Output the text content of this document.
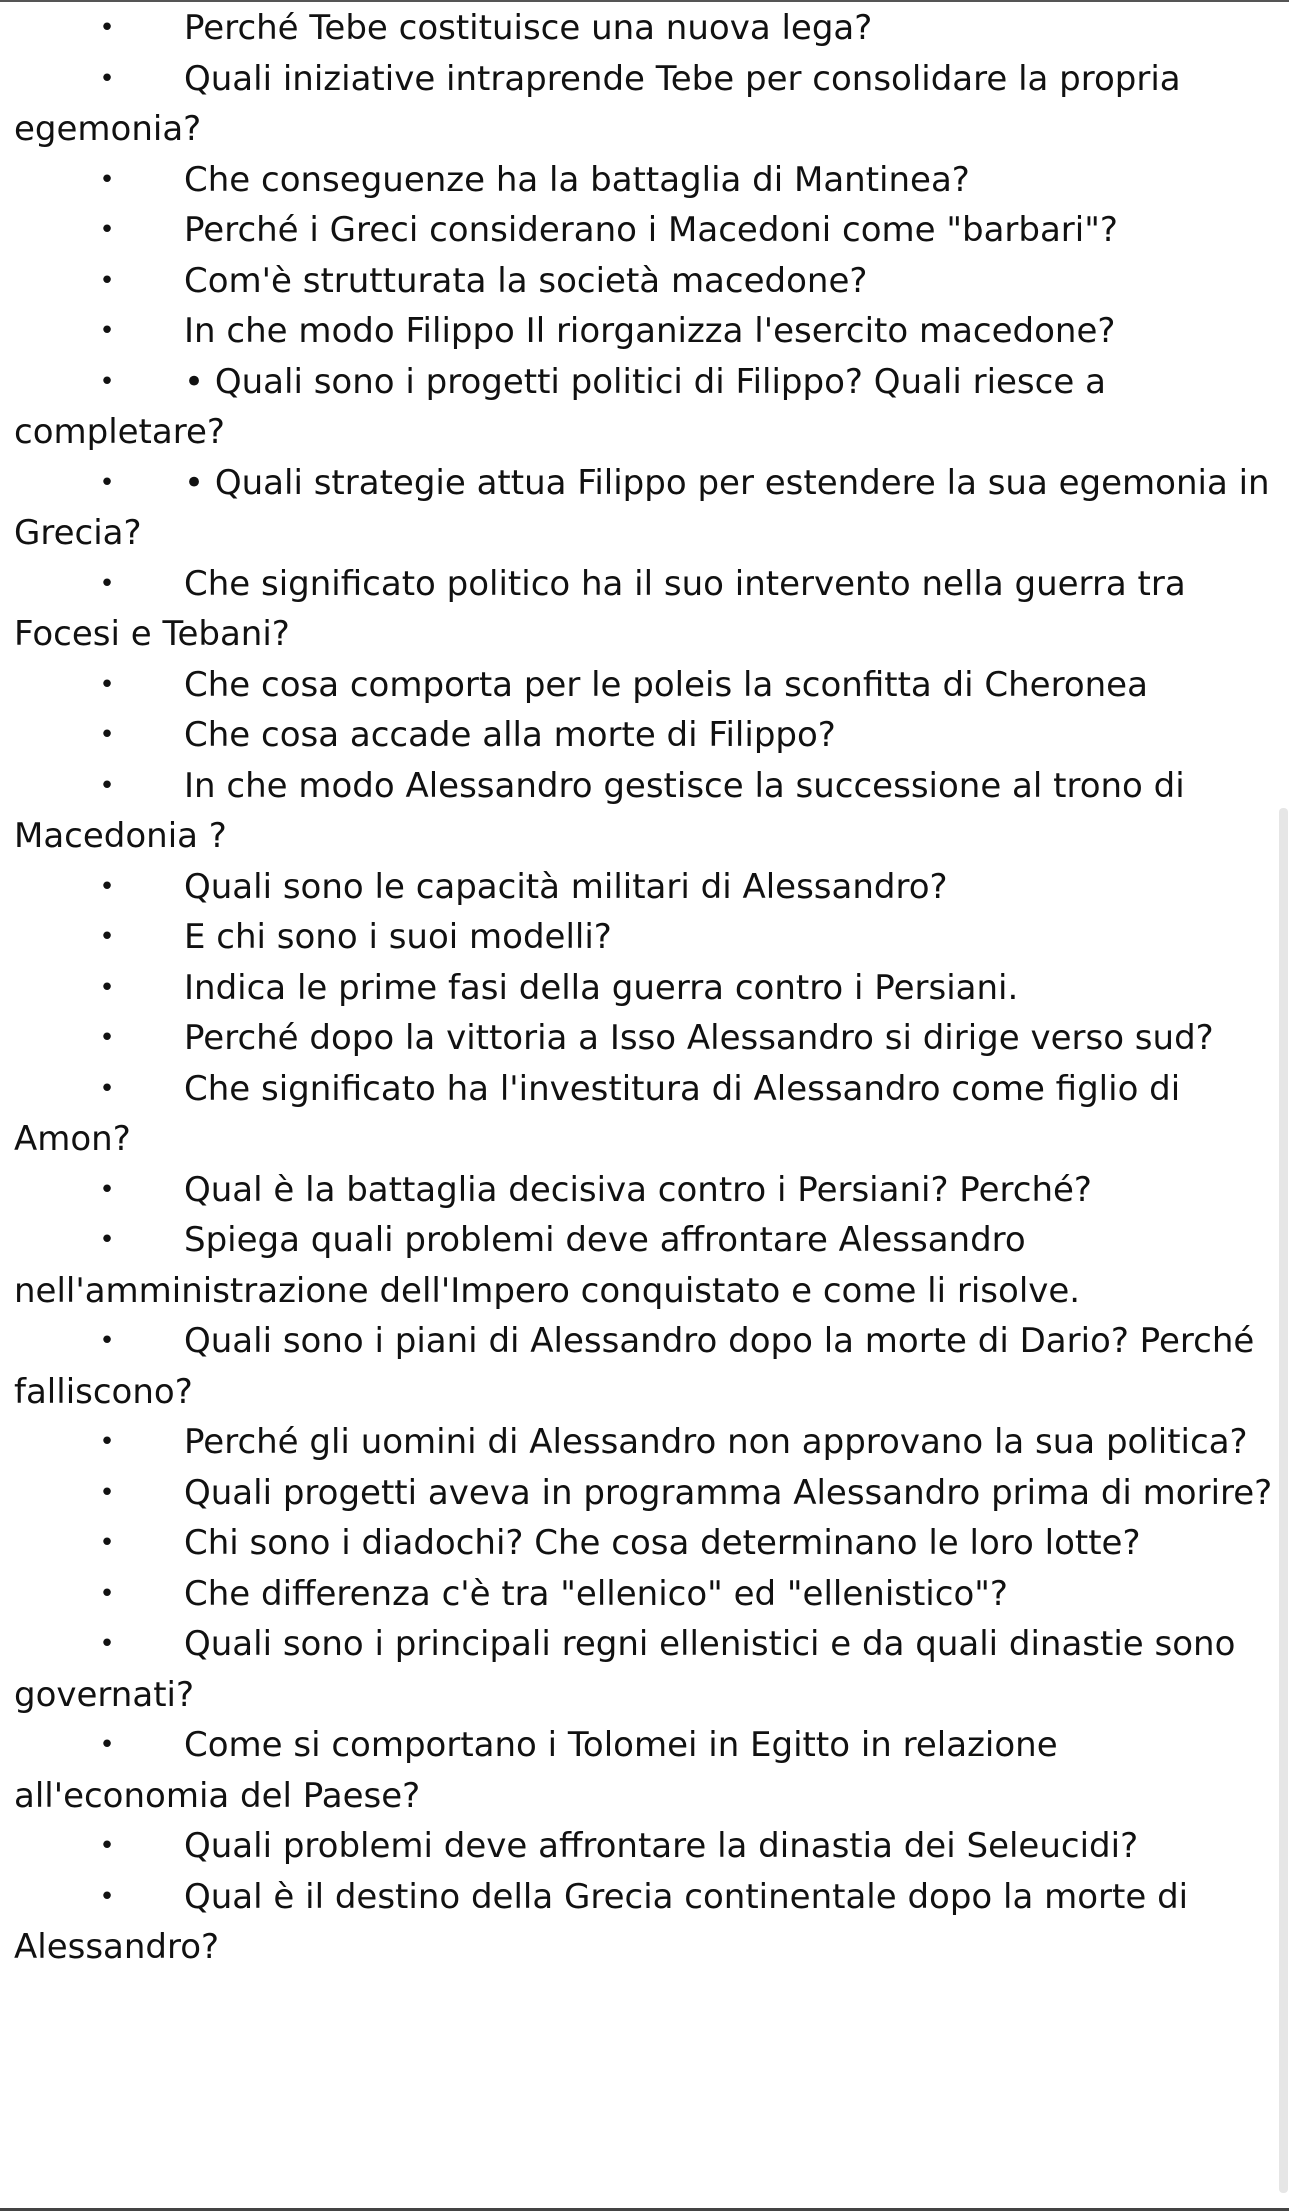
• Perché Tebe costituisce una nuova lega?
• Quali iniziative intraprende Tebe per consolidare la propria egemonia?
• Che conseguenze ha la battaglia di Mantinea?
• Perché i Greci considerano i Macedoni come "barbari"?
• Com'è strutturata la società macedone?
• In che modo Filippo Il riorganizza l'esercito macedone?
• • Quali sono i progetti politici di Filippo? Quali riesce a completare?
• • Quali strategie attua Filippo per estendere la sua egemonia in Grecia?
• Che significato politico ha il suo intervento nella guerra tra Focesi e Tebani?
• Che cosa comporta per le poleis la sconfitta di Cheronea
• Che cosa accade alla morte di Filippo?
• In che modo Alessandro gestisce la successione al trono di Macedonia ?
• Quali sono le capacità militari di Alessandro?
• E chi sono i suoi modelli?
• Indica le prime fasi della guerra contro i Persiani.
• Perché dopo la vittoria a Isso Alessandro si dirige verso sud?
• Che significato ha l'investitura di Alessandro come figlio di Amon?
• Qual è la battaglia decisiva contro i Persiani? Perché?
• Spiega quali problemi deve affrontare Alessandro nell'amministrazione dell'Impero conquistato e come li risolve.
• Quali sono i piani di Alessandro dopo la morte di Dario? Perché falliscono?
• Perché gli uomini di Alessandro non approvano la sua politica?
• Quali progetti aveva in programma Alessandro prima di morire?
• Chi sono i diadochi? Che cosa determinano le loro lotte?
• Che differenza c'è tra "ellenico" ed "ellenistico"?
• Quali sono i principali regni ellenistici e da quali dinastie sono governati?
• Come si comportano i Tolomei in Egitto in relazione all'economia del Paese?
• Quali problemi deve affrontare la dinastia dei Seleucidi?
• Qual è il destino della Grecia continentale dopo la morte di Alessandro?
